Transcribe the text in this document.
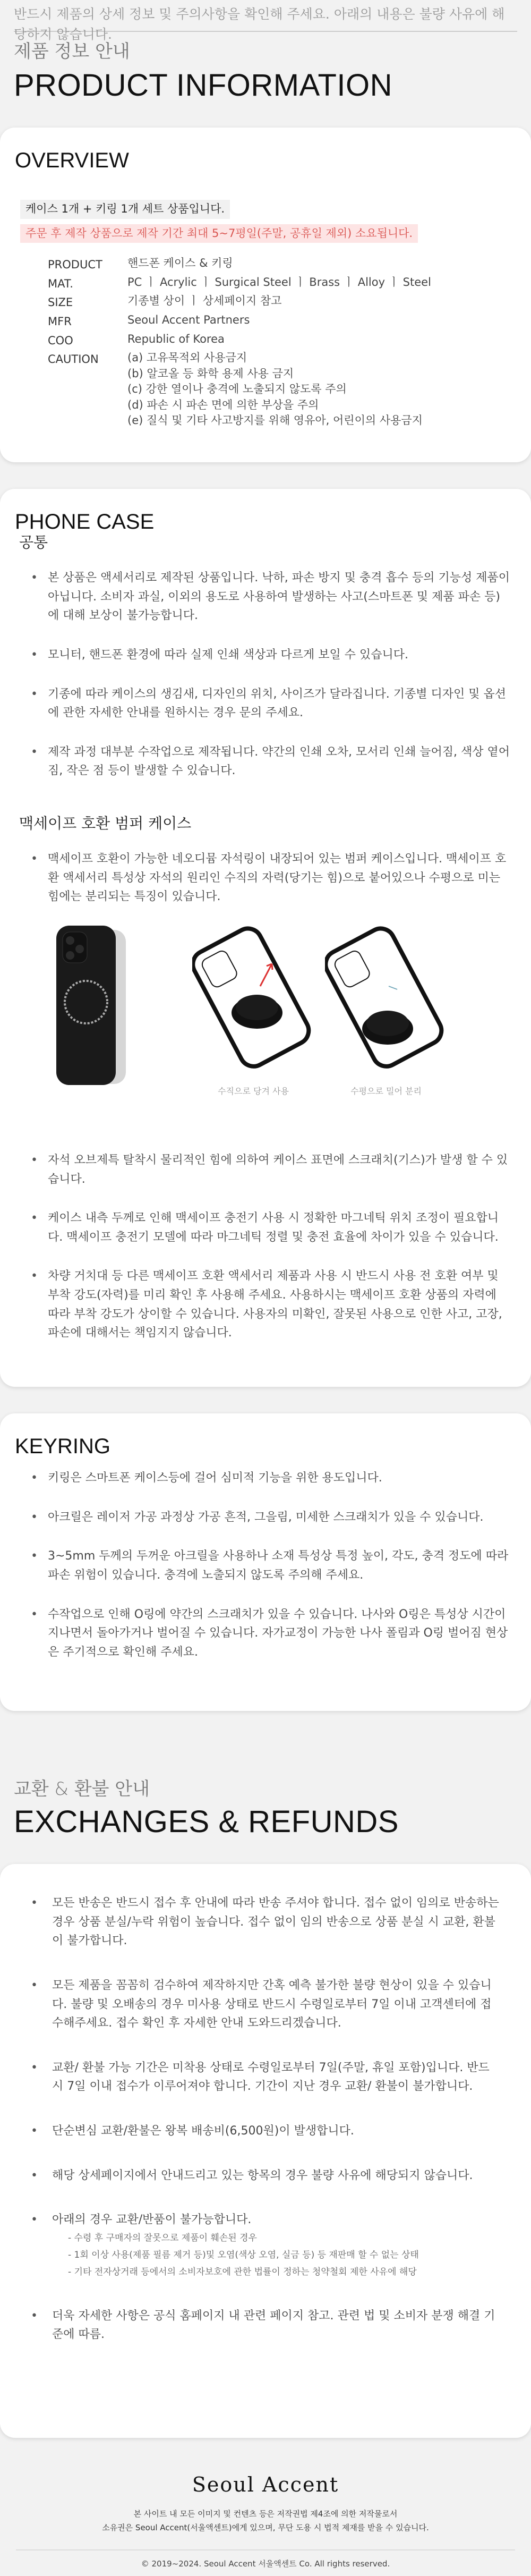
반드시 제품의 상세 정보 및 주의사항을 확인해 주세요. 아래의 내용은 불량 사유에 해당하지 않습니다.
제품 정보 안내
PRODUCT INFORMATION
OVERVIEW
케이스 1개 + 키링 1개 세트 상품입니다.
주문 후 제작 상품으로 제작 기간 최대 5~7평일(주말, 공휴일 제외) 소요됩니다.
PRODUCT	핸드폰 케이스 & 키링
MAT.	PC ㅣ Acrylic ㅣ Surgical Steel ㅣ Brass ㅣ Alloy ㅣ Steel
SIZE	기종별 상이 ㅣ 상세페이지 참고
MFR	Seoul Accent Partners
COO	Republic of Korea
CAUTION	(a) 고유목적외 사용금지
(b) 알코올 등 화학 용제 사용 금지
(c) 강한 열이나 충격에 노출되지 않도록 주의
(d) 파손 시 파손 면에 의한 부상을 주의
(e) 질식 및 기타 사고방지를 위해 영유아, 어린이의 사용금지
PHONE CASE
공통
• 본 상품은 액세서리로 제작된 상품입니다. 낙하, 파손 방지 및 충격 흡수 등의 기능성 제품이 아닙니다. 소비자 과실, 이외의 용도로 사용하여 발생하는 사고(스마트폰 및 제품 파손 등)에 대해 보상이 불가능합니다.
• 모니터, 핸드폰 환경에 따라 실제 인쇄 색상과 다르게 보일 수 있습니다.
• 기종에 따라 케이스의 생김새, 디자인의 위치, 사이즈가 달라집니다. 기종별 디자인 및 옵션에 관한 자세한 안내를 원하시는 경우 문의 주세요.
• 제작 과정 대부분 수작업으로 제작됩니다. 약간의 인쇄 오차, 모서리 인쇄 늘어짐, 색상 옅어짐, 작은 점 등이 발생할 수 있습니다.
맥세이프 호환 범퍼 케이스
• 맥세이프 호환이 가능한 네오디뮴 자석링이 내장되어 있는 범퍼 케이스입니다. 맥세이프 호환 액세서리 특성상 자석의 원리인 수직의 자력(당기는 힘)으로 붙어있으나 수평으로 미는 힘에는 분리되는 특징이 있습니다.
수직으로 당겨 사용	수평으로 밀어 분리
• 자석 오브제특 탈착시 물리적인 힘에 의하여 케이스 표면에 스크래치(기스)가 발생 할 수 있습니다.
• 케이스 내측 두께로 인해 맥세이프 충전기 사용 시 정확한 마그네틱 위치 조정이 필요합니다. 맥세이프 충전기 모델에 따라 마그네틱 정렬 및 충전 효율에 차이가 있을 수 있습니다.
• 차량 거치대 등 다른 맥세이프 호환 액세서리 제품과 사용 시 반드시 사용 전 호환 여부 및 부착 강도(자력)를 미리 확인 후 사용해 주세요. 사용하시는 맥세이프 호환 상품의 자력에 따라 부착 강도가 상이할 수 있습니다. 사용자의 미확인, 잘못된 사용으로 인한 사고, 고장, 파손에 대해서는 책임지지 않습니다.
KEYRING
• 키링은 스마트폰 케이스등에 걸어 심미적 기능을 위한 용도입니다.
• 아크릴은 레이저 가공 과정상 가공 흔적, 그을림, 미세한 스크래치가 있을 수 있습니다.
• 3~5mm 두께의 두꺼운 아크릴을 사용하나 소재 특성상 특정 높이, 각도, 충격 정도에 따라 파손 위험이 있습니다. 충격에 노출되지 않도록 주의해 주세요.
• 수작업으로 인해 O링에 약간의 스크래치가 있을 수 있습니다. 나사와 O링은 특성상 시간이 지나면서 돌아가거나 벌어질 수 있습니다. 자가교정이 가능한 나사 폴림과 O링 벌어짐 현상은 주기적으로 확인해 주세요.
교환 & 환불 안내
EXCHANGES & REFUNDS
• 모든 반송은 반드시 접수 후 안내에 따라 반송 주셔야 합니다. 접수 없이 임의로 반송하는 경우 상품 분실/누락 위험이 높습니다. 접수 없이 임의 반송으로 상품 분실 시 교환, 환불이 불가합니다.
• 모든 제품을 꼼꼼히 검수하여 제작하지만 간혹 예측 불가한 불량 현상이 있을 수 있습니다. 불량 및 오배송의 경우 미사용 상태로 반드시 수령일로부터 7일 이내 고객센터에 접수해주세요. 접수 확인 후 자세한 안내 도와드리겠습니다.
• 교환/ 환불 가능 기간은 미착용 상태로 수령일로부터 7일(주말, 휴일 포함)입니다. 반드시 7일 이내 접수가 이루어져야 합니다. 기간이 지난 경우 교환/ 환불이 불가합니다.
• 단순변심 교환/환불은 왕복 배송비(6,500원)이 발생합니다.
• 해당 상세페이지에서 안내드리고 있는 항목의 경우 불량 사유에 해당되지 않습니다.
• 아래의 경우 교환/반품이 불가능합니다.
- 수령 후 구매자의 잘못으로 제품이 훼손된 경우
- 1회 이상 사용(제품 필름 제거 등)및 오염(색상 오염, 실금 등) 등 재판매 할 수 없는 상태
- 기타 전자상거래 등에서의 소비자보호에 관한 법률이 정하는 청약철회 제한 사유에 해당
• 더욱 자세한 사항은 공식 홈페이지 내 관련 페이지 참고. 관련 법 및 소비자 분쟁 해결 기준에 따름.
Seoul Accent
본 사이트 내 모든 이미지 및 컨텐츠 등은 저작권법 제4조에 의한 저작물로서
소유권은 Seoul Accent(서울액센트)에게 있으며, 무단 도용 시 법적 제재를 받을 수 있습니다.
© 2019~2024. Seoul Accent 서울액센트 Co. All rights reserved.
